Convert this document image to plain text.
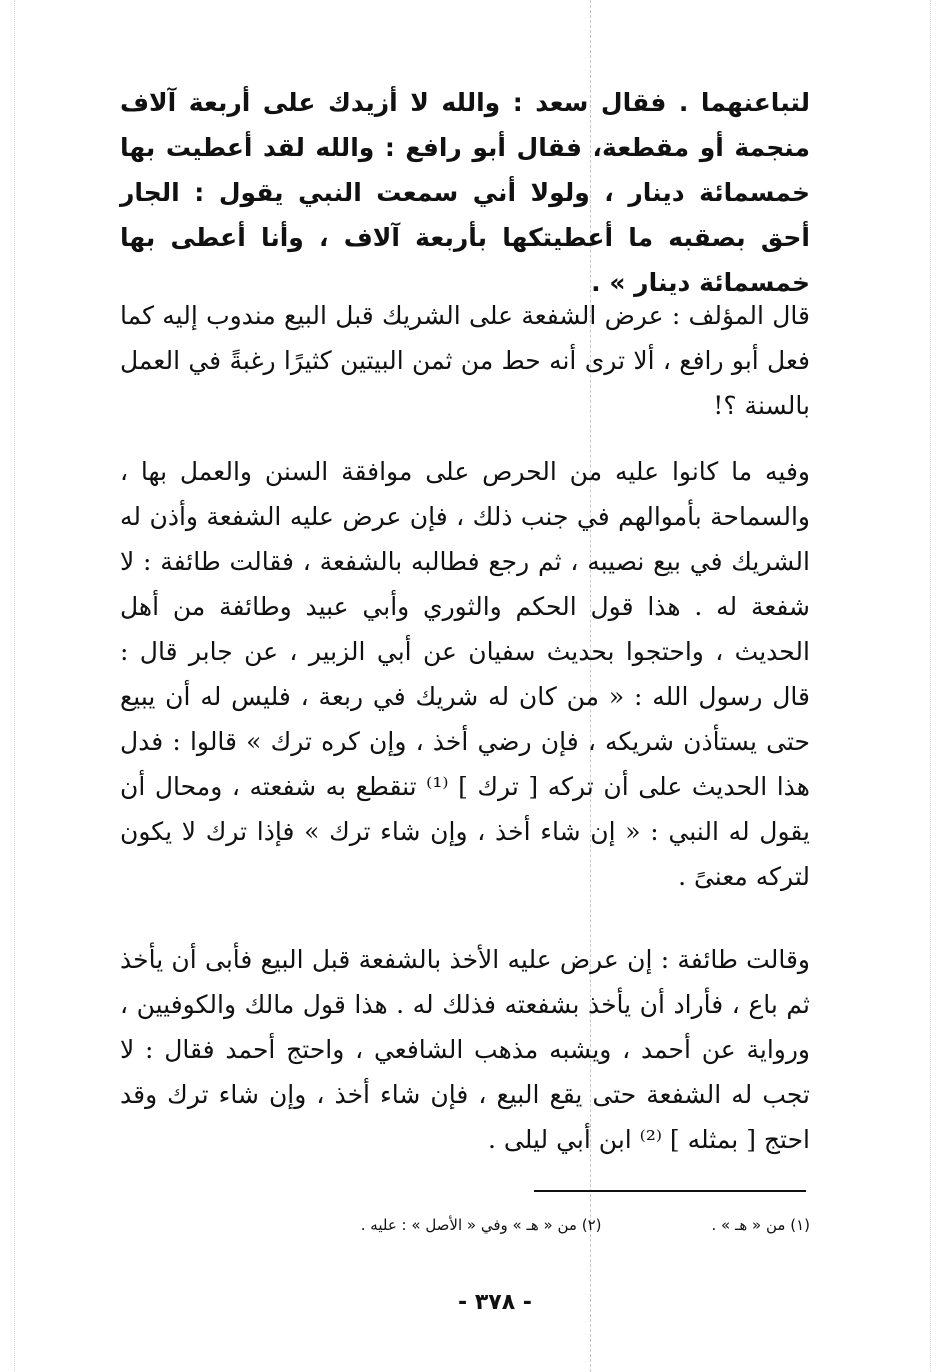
لتباعنهما . فقال سعد : والله لا أزيدك على أربعة آلاف منجمة أو مقطعة، فقال أبو رافع : والله لقد أعطيت بها خمسمائة دينار ، ولولا أني سمعت النبي يقول : الجار أحق بصقبه ما أعطيتكها بأربعة آلاف ، وأنا أعطى بها خمسمائة دينار » .

قال المؤلف : عرض الشفعة على الشريك قبل البيع مندوب إليه كما فعل أبو رافع ، ألا ترى أنه حط من ثمن البيتين كثيرًا رغبةً في العمل بالسنة ؟!

وفيه ما كانوا عليه من الحرص على موافقة السنن والعمل بها ، والسماحة بأموالهم في جنب ذلك ، فإن عرض عليه الشفعة وأذن له الشريك في بيع نصيبه ، ثم رجع فطالبه بالشفعة ، فقالت طائفة : لا شفعة له . هذا قول الحكم والثوري وأبي عبيد وطائفة من أهل الحديث ، واحتجوا بحديث سفيان عن أبي الزبير ، عن جابر قال : قال رسول الله : « من كان له شريك في ربعة ، فليس له أن يبيع حتى يستأذن شريكه ، فإن رضي أخذ ، وإن كره ترك » قالوا : فدل هذا الحديث على أن تركه [ ترك ] ⁽¹⁾ تنقطع به شفعته ، ومحال أن يقول له النبي : « إن شاء أخذ ، وإن شاء ترك » فإذا ترك لا يكون لتركه معنىً .

وقالت طائفة : إن عرض عليه الأخذ بالشفعة قبل البيع فأبى أن يأخذ ثم باع ، فأراد أن يأخذ بشفعته فذلك له . هذا قول مالك والكوفيين ، ورواية عن أحمد ، ويشبه مذهب الشافعي ، واحتج أحمد فقال : لا تجب له الشفعة حتى يقع البيع ، فإن شاء أخذ ، وإن شاء ترك وقد احتج [ بمثله ] ⁽²⁾ ابن أبي ليلى .

(١) من « هـ » .
(٢) من « هـ » وفي « الأصل » : عليه .
- ٣٧٨ -
